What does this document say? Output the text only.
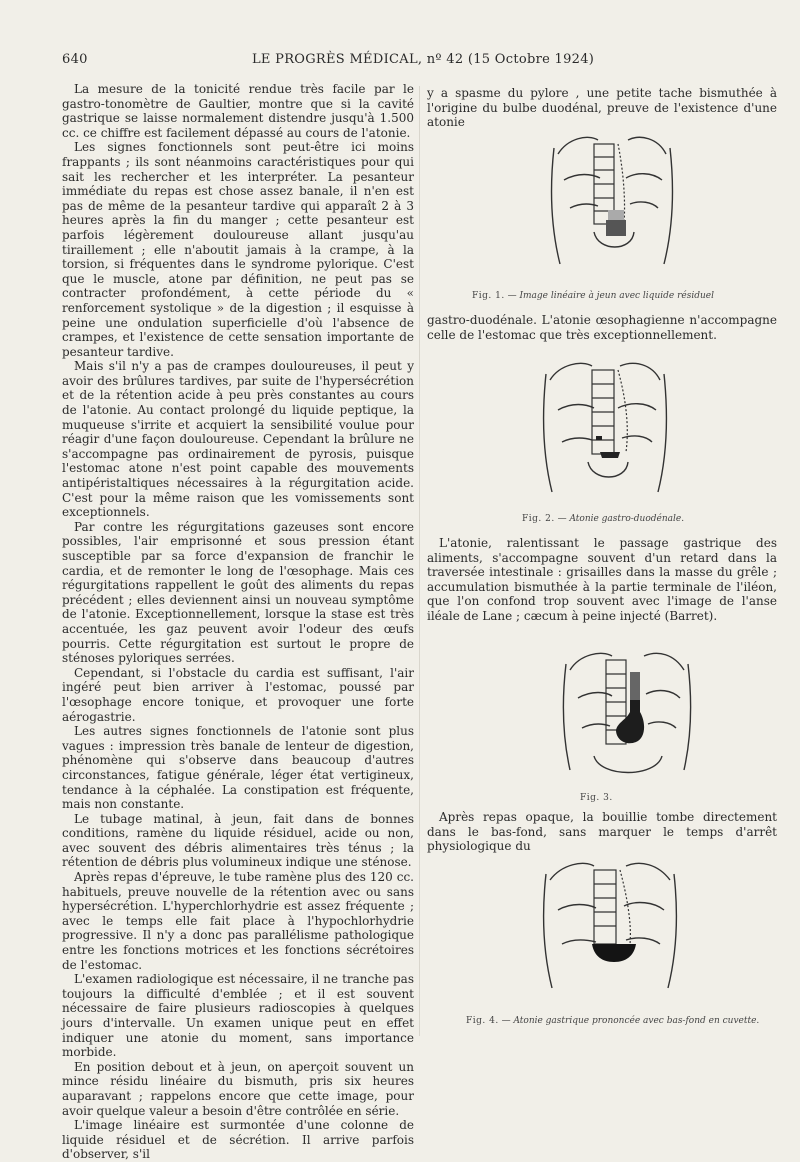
640	LE PROGRÈS MÉDICAL, nº 42 (15 Octobre 1924)

La mesure de la tonicité rendue très facile par le gastro-tonomètre de Gaultier, montre que si la cavité gastrique se laisse normalement distendre jusqu'à 1.500 cc. ce chiffre est facilement dépassé au cours de l'atonie.

Les signes fonctionnels sont peut-être ici moins frappants ; ils sont néanmoins caractéristiques pour qui sait les rechercher et les interpréter. La pesanteur immédiate du repas est chose assez banale, il n'en est pas de même de la pesanteur tardive qui apparaît 2 à 3 heures après la fin du manger ; cette pesanteur est parfois légèrement douloureuse allant jusqu'au tiraillement ; elle n'aboutit jamais à la crampe, à la torsion, si fréquentes dans le syndrome pylorique. C'est que le muscle, atone par définition, ne peut pas se contracter profondément, à cette période du « renforcement systolique » de la digestion ; il esquisse à peine une ondulation superficielle d'où l'absence de crampes, et l'existence de cette sensation importante de pesanteur tardive.

Mais s'il n'y a pas de crampes douloureuses, il peut y avoir des brûlures tardives, par suite de l'hypersécrétion et de la rétention acide à peu près constantes au cours de l'atonie. Au contact prolongé du liquide peptique, la muqueuse s'irrite et acquiert la sensibilité voulue pour réagir d'une façon douloureuse. Cependant la brûlure ne s'accompagne pas ordinairement de pyrosis, puisque l'estomac atone n'est point capable des mouvements antipéristaltiques nécessaires à la régurgitation acide. C'est pour la même raison que les vomissements sont exceptionnels.

Par contre les régurgitations gazeuses sont encore possibles, l'air emprisonné et sous pression étant susceptible par sa force d'expansion de franchir le cardia, et de remonter le long de l'œsophage. Mais ces régurgitations rappellent le goût des aliments du repas précédent ; elles deviennent ainsi un nouveau symptôme de l'atonie. Exceptionnellement, lorsque la stase est très accentuée, les gaz peuvent avoir l'odeur des œufs pourris. Cette régurgitation est surtout le propre de sténoses pyloriques serrées.

Cependant, si l'obstacle du cardia est suffisant, l'air ingéré peut bien arriver à l'estomac, poussé par l'œsophage encore tonique, et provoquer une forte aérogastrie.

Les autres signes fonctionnels de l'atonie sont plus vagues : impression très banale de lenteur de digestion, phénomène qui s'observe dans beaucoup d'autres circonstances, fatigue générale, léger état vertigineux, tendance à la céphalée. La constipation est fréquente, mais non constante.

Le tubage matinal, à jeun, fait dans de bonnes conditions, ramène du liquide résiduel, acide ou non, avec souvent des débris alimentaires très ténus ; la rétention de débris plus volumineux indique une sténose.

Après repas d'épreuve, le tube ramène plus des 120 cc. habituels, preuve nouvelle de la rétention avec ou sans hypersécrétion. L'hyperchlorhydrie est assez fréquente ; avec le temps elle fait place à l'hypochlorhydrie progressive. Il n'y a donc pas parallélisme pathologique entre les fonctions motrices et les fonctions sécrétoires de l'estomac.

L'examen radiologique est nécessaire, il ne tranche pas toujours la difficulté d'emblée ; et il est souvent nécessaire de faire plusieurs radioscopies à quelques jours d'intervalle. Un examen unique peut en effet indiquer une atonie du moment, sans importance morbide.

En position debout et à jeun, on aperçoit souvent un mince résidu linéaire du bismuth, pris six heures auparavant ; rappelons encore que cette image, pour avoir quelque valeur a besoin d'être contrôlée en série.

L'image linéaire est surmontée d'une colonne de liquide résiduel et de sécrétion. Il arrive parfois d'observer, s'il

y a spasme du pylore , une petite tache bismuthée à l'origine du bulbe duodénal, preuve de l'existence d'une atonie

Fig. 1. — Image linéaire à jeun avec liquide résiduel

gastro-duodénale. L'atonie œsophagienne n'accompagne celle de l'estomac que très exceptionnellement.

Fig. 2. — Atonie gastro-duodénale.

L'atonie, ralentissant le passage gastrique des aliments, s'accompagne souvent d'un retard dans la traversée intestinale : grisailles dans la masse du grêle ; accumulation bismuthée à la partie terminale de l'iléon, que l'on confond trop souvent avec l'image de l'anse iléale de Lane ; cæcum à peine injecté (Barret).

Fig. 3.

Après repas opaque, la bouillie tombe directement dans le bas-fond, sans marquer le temps d'arrêt physiologique du

Fig. 4. — Atonie gastrique prononcée avec bas-fond en cuvette.
